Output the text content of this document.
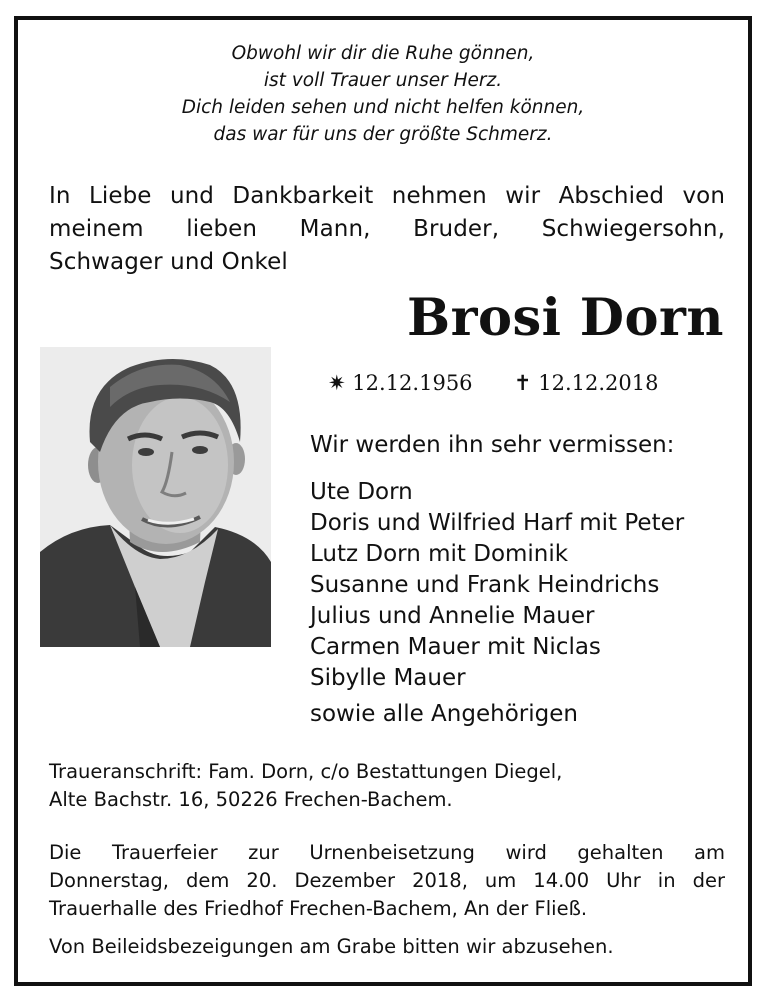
Obwohl wir dir die Ruhe gönnen,
ist voll Trauer unser Herz.
Dich leiden sehen und nicht helfen können,
das war für uns der größte Schmerz.
In Liebe und Dankbarkeit nehmen wir Abschied von
meinem lieben Mann, Bruder, Schwiegersohn,
Schwager und Onkel
Brosi Dorn
✷ 12.12.1956 ✝ 12.12.2018
Wir werden ihn sehr vermissen:
Ute Dorn
Doris und Wilfried Harf mit Peter
Lutz Dorn mit Dominik
Susanne und Frank Heindrichs
Julius und Annelie Mauer
Carmen Mauer mit Niclas
Sibylle Mauer
sowie alle Angehörigen
Traueranschrift: Fam. Dorn, c/o Bestattungen Diegel,
Alte Bachstr. 16, 50226 Frechen-Bachem.
Die Trauerfeier zur Urnenbeisetzung wird gehalten am
Donnerstag, dem 20. Dezember 2018, um 14.00 Uhr in der
Trauerhalle des Friedhof Frechen-Bachem, An der Fließ.
Von Beileidsbezeigungen am Grabe bitten wir abzusehen.
